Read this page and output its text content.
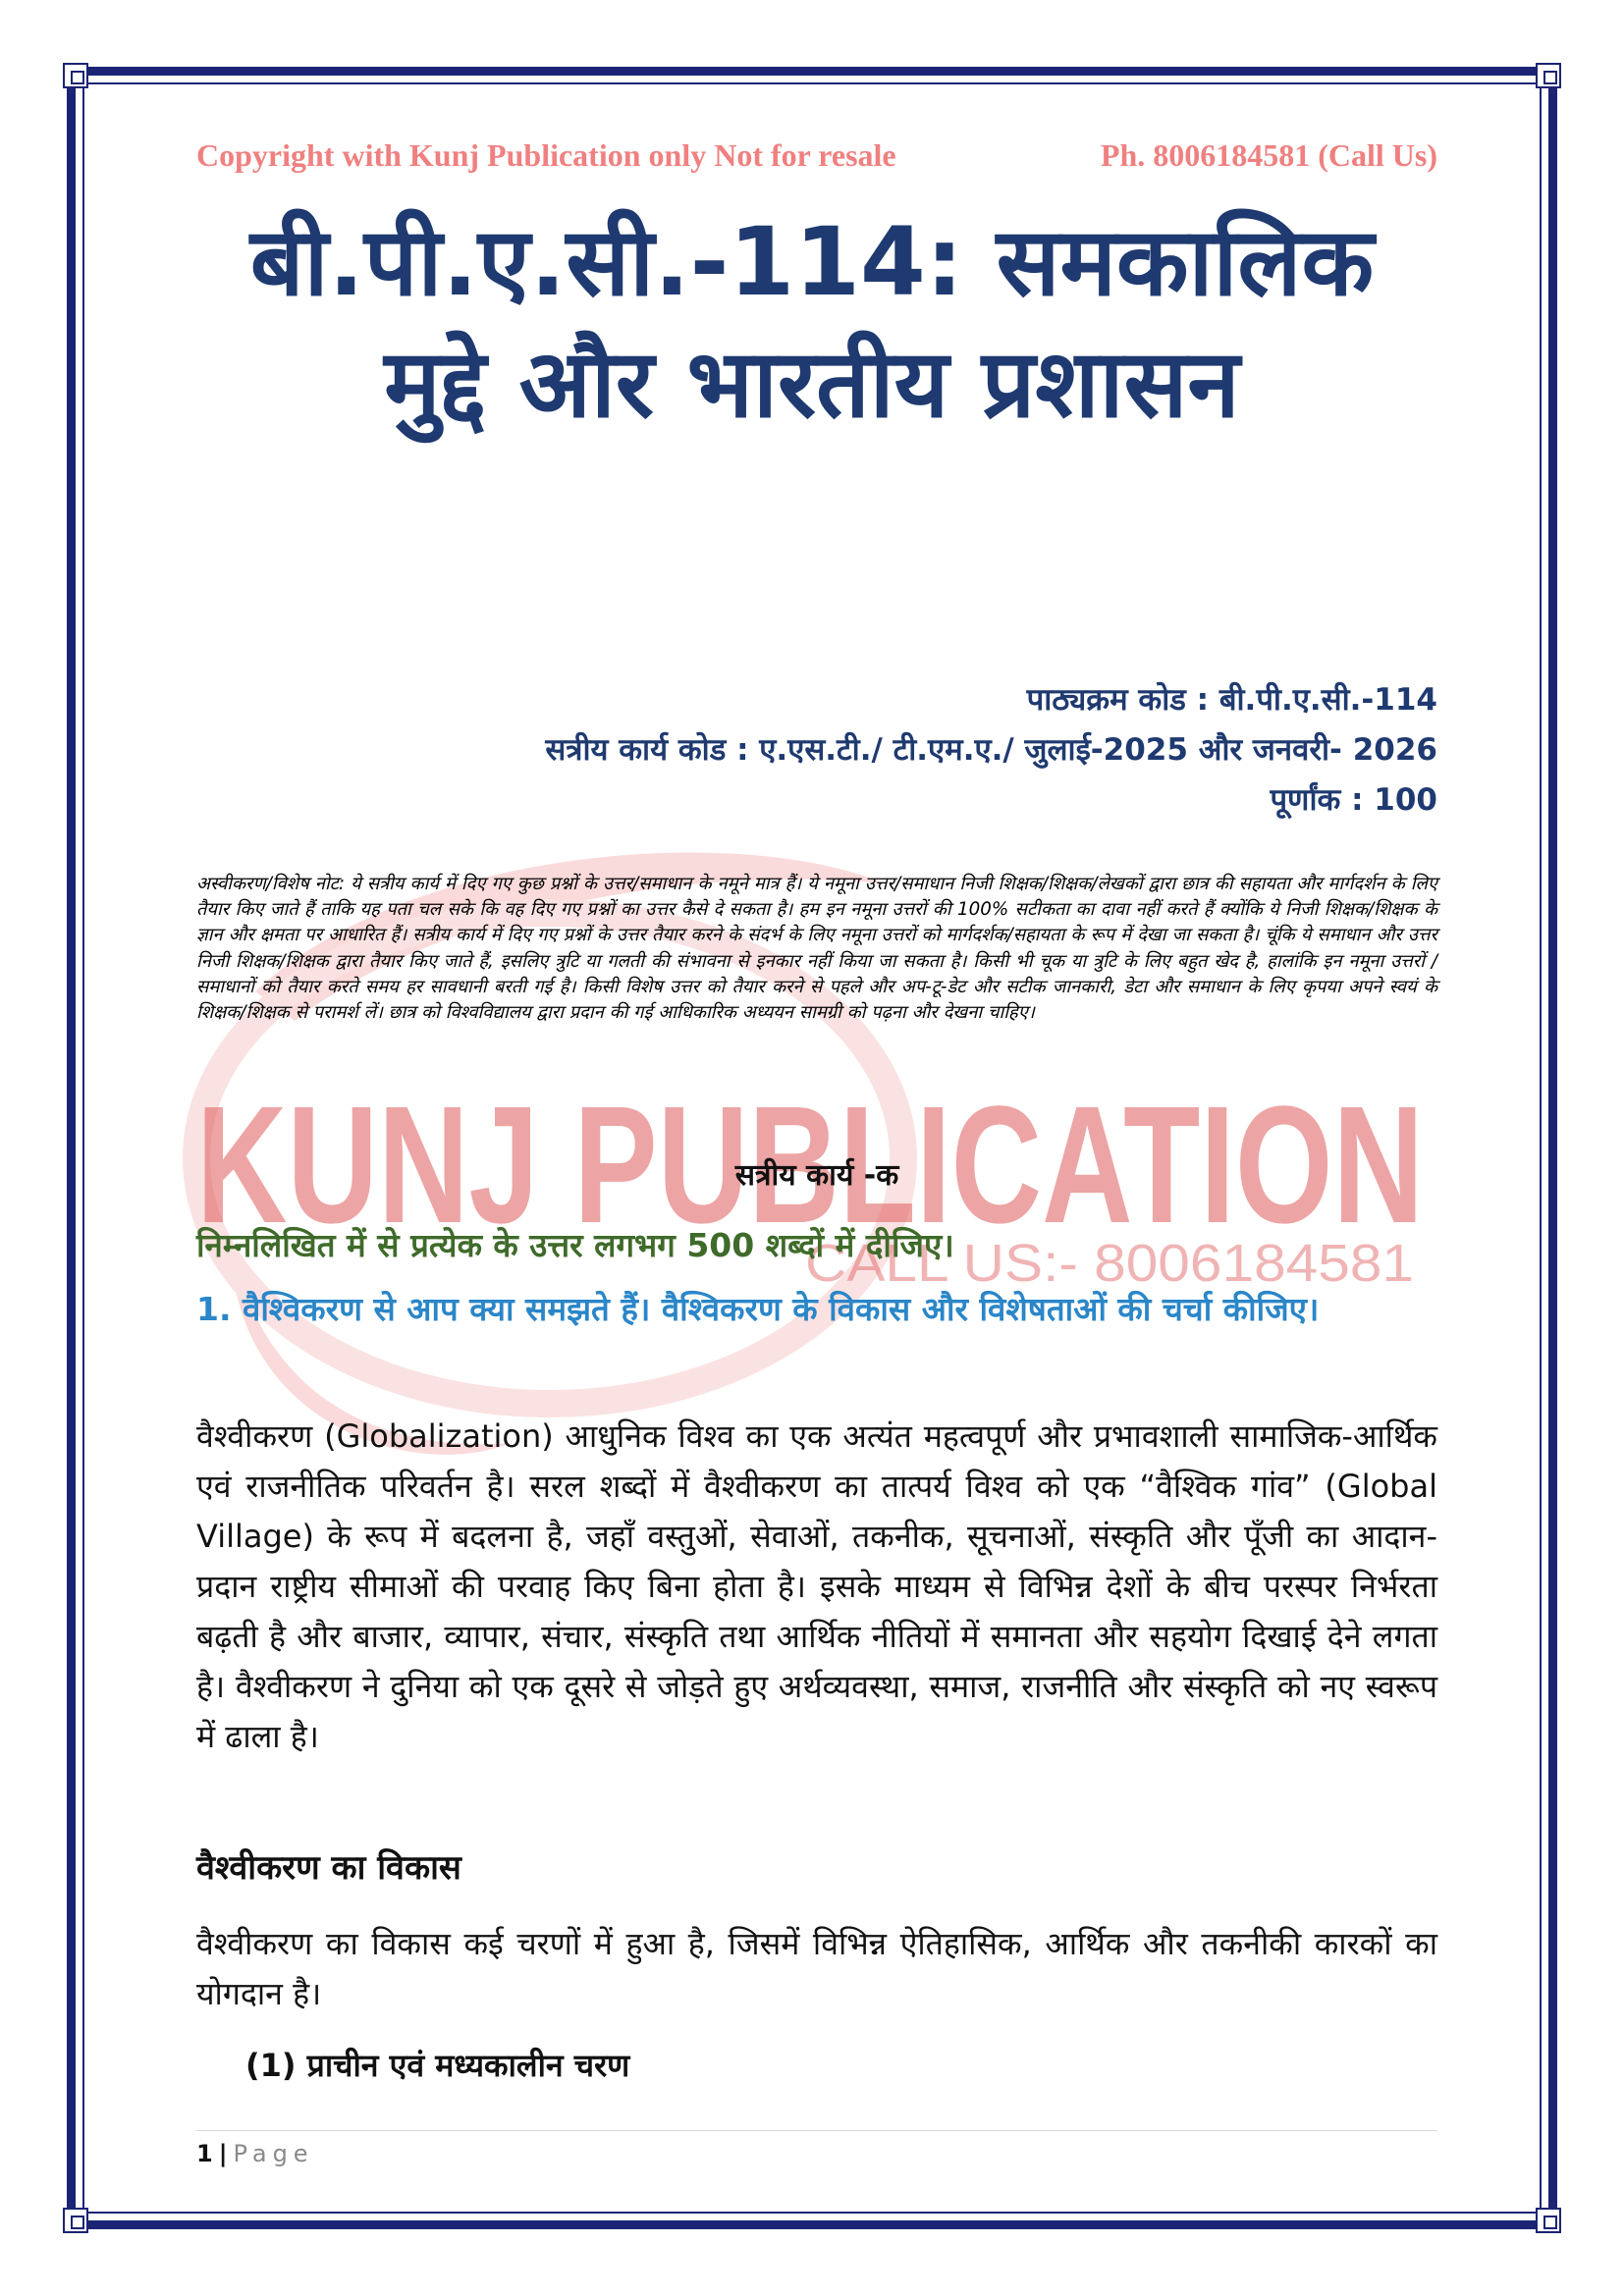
KUNJ PUBLICATION
CALL US:- 8006184581
Copyright with Kunj Publication only Not for resale	Ph. 8006184581 (Call Us)
बी.पी.ए.सी.-114: समकालिक
मुद्दे और भारतीय प्रशासन
पाठ्यक्रम कोड : बी.पी.ए.सी.-114
सत्रीय कार्य कोड : ए.एस.टी./ टी.एम.ए./ जुलाई-2025 और जनवरी- 2026
पूर्णांक : 100
अस्वीकरण/विशेष नोट: ये सत्रीय कार्य में दिए गए कुछ प्रश्नों के उत्तर/समाधान के नमूने मात्र हैं। ये नमूना उत्तर/समाधान निजी शिक्षक/शिक्षक/लेखकों द्वारा छात्र की सहायता और मार्गदर्शन के लिए तैयार किए जाते हैं ताकि यह पता चल सके कि वह दिए गए प्रश्नों का उत्तर कैसे दे सकता है। हम इन नमूना उत्तरों की 100% सटीकता का दावा नहीं करते हैं क्योंकि ये निजी शिक्षक/शिक्षक के ज्ञान और क्षमता पर आधारित हैं। सत्रीय कार्य में दिए गए प्रश्नों के उत्तर तैयार करने के संदर्भ के लिए नमूना उत्तरों को मार्गदर्शक/सहायता के रूप में देखा जा सकता है। चूंकि ये समाधान और उत्तर निजी शिक्षक/शिक्षक द्वारा तैयार किए जाते हैं, इसलिए त्रुटि या गलती की संभावना से इनकार नहीं किया जा सकता है। किसी भी चूक या त्रुटि के लिए बहुत खेद है, हालांकि इन नमूना उत्तरों / समाधानों को तैयार करते समय हर सावधानी बरती गई है। किसी विशेष उत्तर को तैयार करने से पहले और अप-टू-डेट और सटीक जानकारी, डेटा और समाधान के लिए कृपया अपने स्वयं के शिक्षक/शिक्षक से परामर्श लें। छात्र को विश्वविद्यालय द्वारा प्रदान की गई आधिकारिक अध्ययन सामग्री को पढ़ना और देखना चाहिए।
सत्रीय कार्य -क
निम्नलिखित में से प्रत्येक के उत्तर लगभग 500 शब्दों में दीजिए।
1. वैश्विकरण से आप क्या समझते हैं। वैश्विकरण के विकास और विशेषताओं की चर्चा कीजिए।
वैश्वीकरण (Globalization) आधुनिक विश्व का एक अत्यंत महत्वपूर्ण और प्रभावशाली सामाजिक-आर्थिक एवं राजनीतिक परिवर्तन है। सरल शब्दों में वैश्वीकरण का तात्पर्य विश्व को एक “वैश्विक गांव” (Global Village) के रूप में बदलना है, जहाँ वस्तुओं, सेवाओं, तकनीक, सूचनाओं, संस्कृति और पूँजी का आदान-प्रदान राष्ट्रीय सीमाओं की परवाह किए बिना होता है। इसके माध्यम से विभिन्न देशों के बीच परस्पर निर्भरता बढ़ती है और बाजार, व्यापार, संचार, संस्कृति तथा आर्थिक नीतियों में समानता और सहयोग दिखाई देने लगता है। वैश्वीकरण ने दुनिया को एक दूसरे से जोड़ते हुए अर्थव्यवस्था, समाज, राजनीति और संस्कृति को नए स्वरूप में ढाला है।
वैश्वीकरण का विकास
वैश्वीकरण का विकास कई चरणों में हुआ है, जिसमें विभिन्न ऐतिहासिक, आर्थिक और तकनीकी कारकों का योगदान है।
(1) प्राचीन एवं मध्यकालीन चरण
1 | Page
